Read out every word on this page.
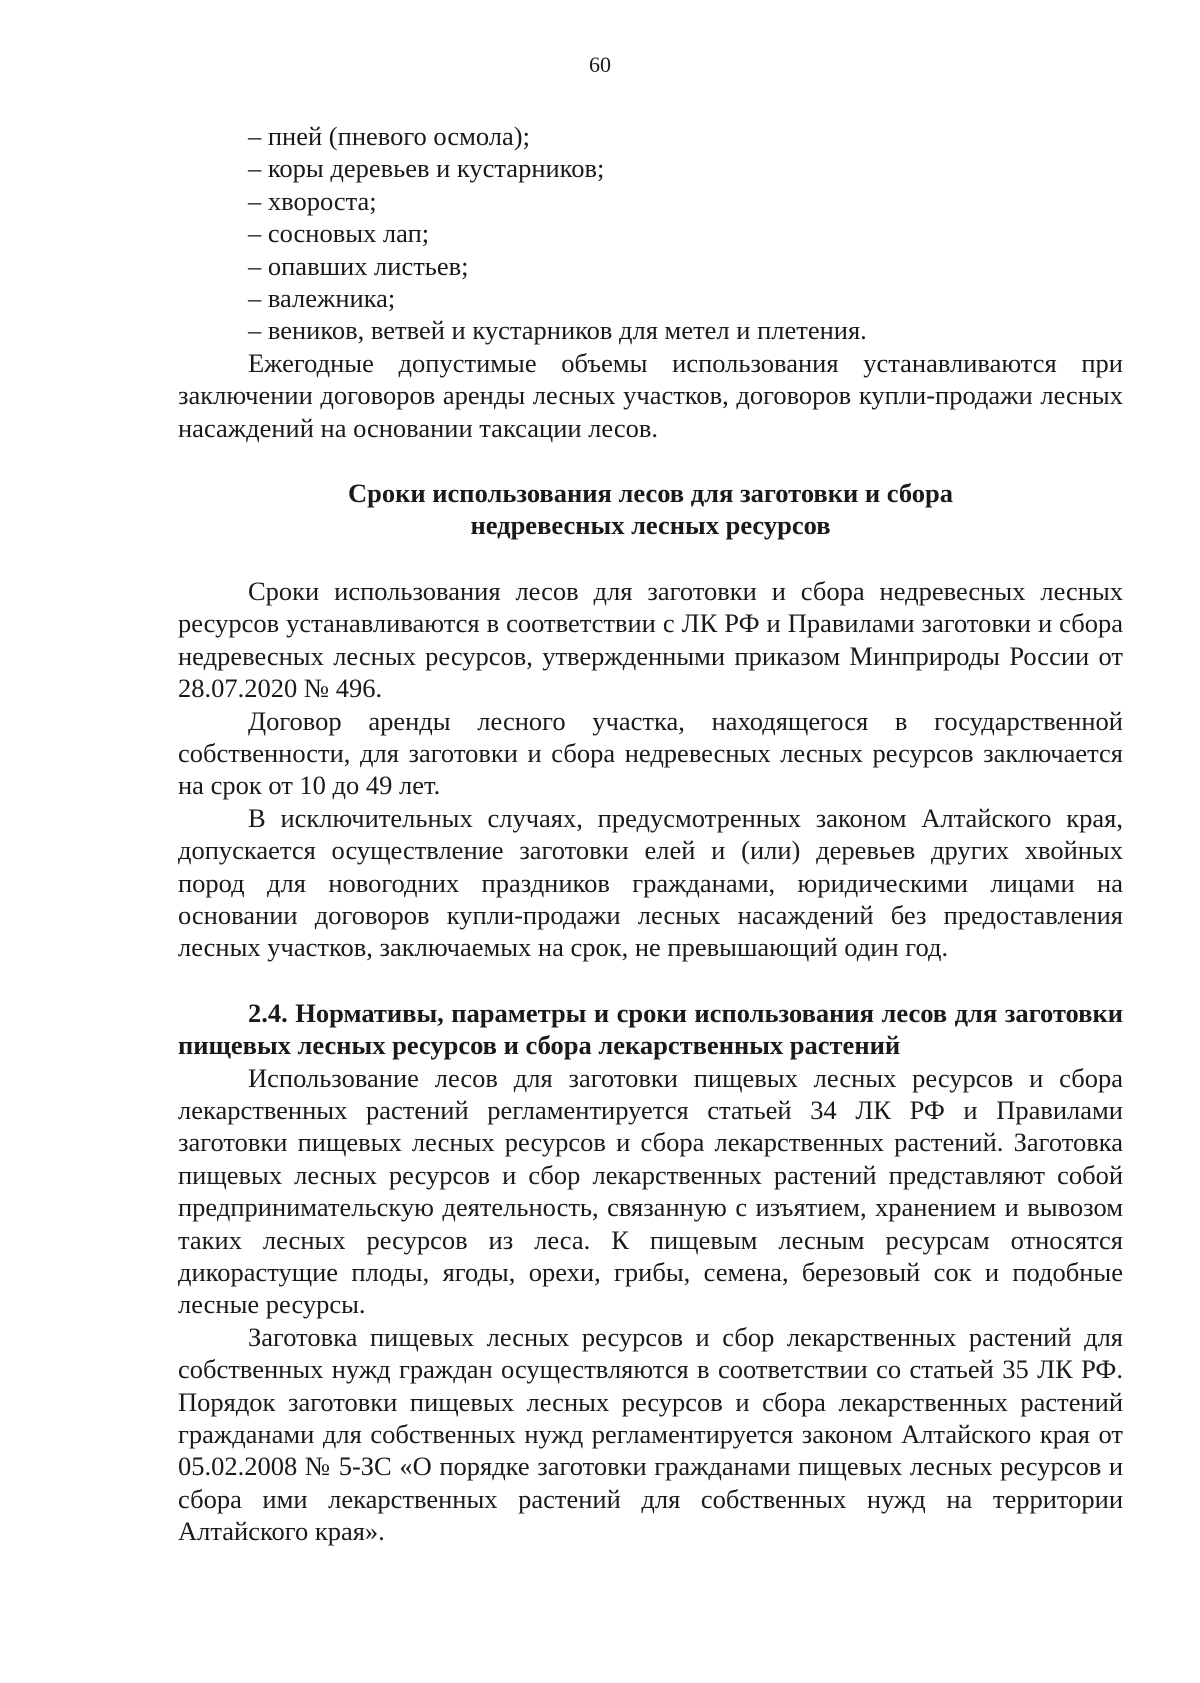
60

– пней (пневого осмола);

– коры деревьев и кустарников;

– хвороста;

– сосновых лап;

– опавших листьев;

– валежника;

– веников, ветвей и кустарников для метел и плетения.

Ежегодные допустимые объемы использования устанавливаются при заключении договоров аренды лесных участков, договоров купли-продажи лесных насаждений на основании таксации лесов.

Сроки использования лесов для заготовки и сбора

недревесных лесных ресурсов

Сроки использования лесов для заготовки и сбора недревесных лесных ресурсов устанавливаются в соответствии с ЛК РФ и Правилами заготовки и сбора недревесных лесных ресурсов, утвержденными приказом Минприроды России от 28.07.2020 № 496.

Договор аренды лесного участка, находящегося в государственной собственности, для заготовки и сбора недревесных лесных ресурсов заключается на срок от 10 до 49 лет.

В исключительных случаях, предусмотренных законом Алтайского края, допускается осуществление заготовки елей и (или) деревьев других хвойных пород для новогодних праздников гражданами, юридическими лицами на основании договоров купли-продажи лесных насаждений без предоставления лесных участков, заключаемых на срок, не превышающий один год.

2.4. Нормативы, параметры и сроки использования лесов для заготовки пищевых лесных ресурсов и сбора лекарственных растений

Использование лесов для заготовки пищевых лесных ресурсов и сбора лекарственных растений регламентируется статьей 34 ЛК РФ и Правилами заготовки пищевых лесных ресурсов и сбора лекарственных растений. Заготовка пищевых лесных ресурсов и сбор лекарственных растений представляют собой предпринимательскую деятельность, связанную с изъятием, хранением и вывозом таких лесных ресурсов из леса. К пищевым лесным ресурсам относятся дикорастущие плоды, ягоды, орехи, грибы, семена, березовый сок и подобные лесные ресурсы.

Заготовка пищевых лесных ресурсов и сбор лекарственных растений для собственных нужд граждан осуществляются в соответствии со статьей 35 ЛК РФ. Порядок заготовки пищевых лесных ресурсов и сбора лекарственных растений гражданами для собственных нужд регламентируется законом Алтайского края от 05.02.2008 № 5-ЗС «О порядке заготовки гражданами пищевых лесных ресурсов и сбора ими лекарственных растений для собственных нужд на территории Алтайского края».
